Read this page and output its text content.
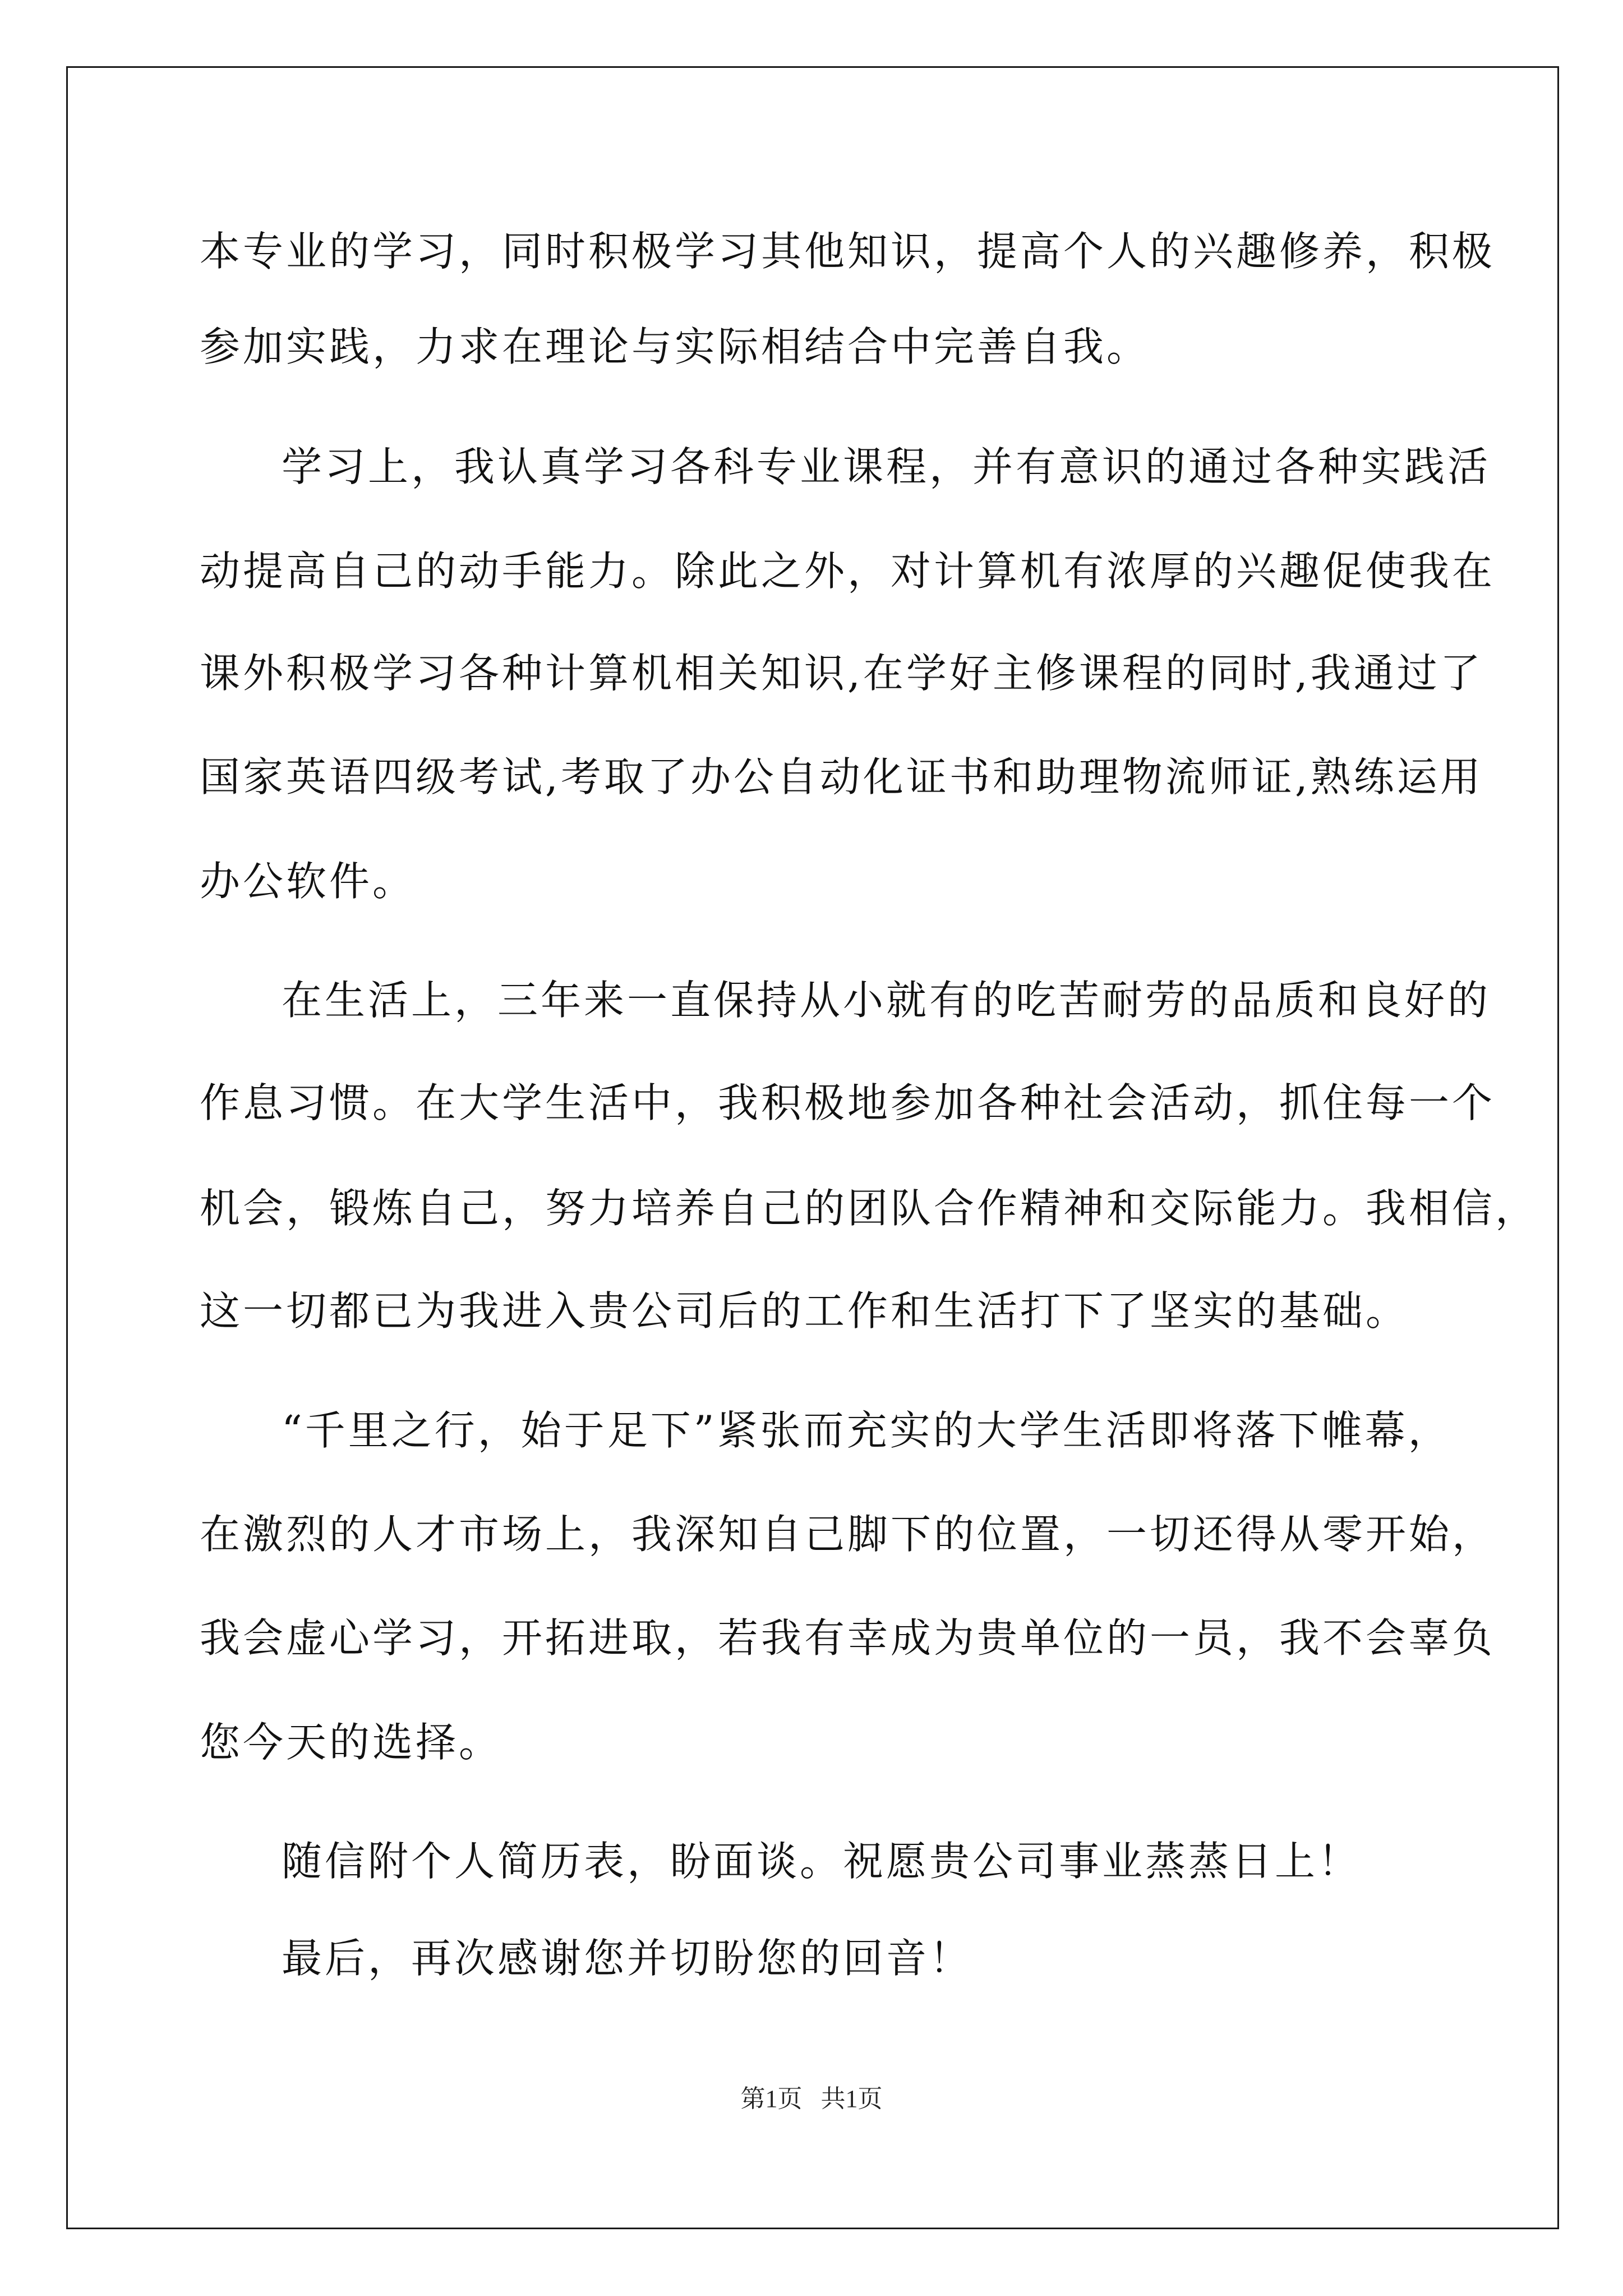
本专业的学习，同时积极学习其他知识，提高个人的兴趣修养，积极
参加实践，力求在理论与实际相结合中完善自我。
学习上，我认真学习各科专业课程，并有意识的通过各种实践活
动提高自己的动手能力。除此之外，对计算机有浓厚的兴趣促使我在
课外积极学习各种计算机相关知识,在学好主修课程的同时,我通过了
国家英语四级考试,考取了办公自动化证书和助理物流师证,熟练运用
办公软件。
在生活上，三年来一直保持从小就有的吃苦耐劳的品质和良好的
作息习惯。在大学生活中，我积极地参加各种社会活动，抓住每一个
机会，锻炼自己，努力培养自己的团队合作精神和交际能力。我相信，
这一切都已为我进入贵公司后的工作和生活打下了坚实的基础。
“千里之行，始于足下”紧张而充实的大学生活即将落下帷幕，
在激烈的人才市场上，我深知自己脚下的位置，一切还得从零开始，
我会虚心学习，开拓进取，若我有幸成为贵单位的一员，我不会辜负
您今天的选择。
随信附个人简历表，盼面谈。祝愿贵公司事业蒸蒸日上！
最后，再次感谢您并切盼您的回音！
第1页 共1页
